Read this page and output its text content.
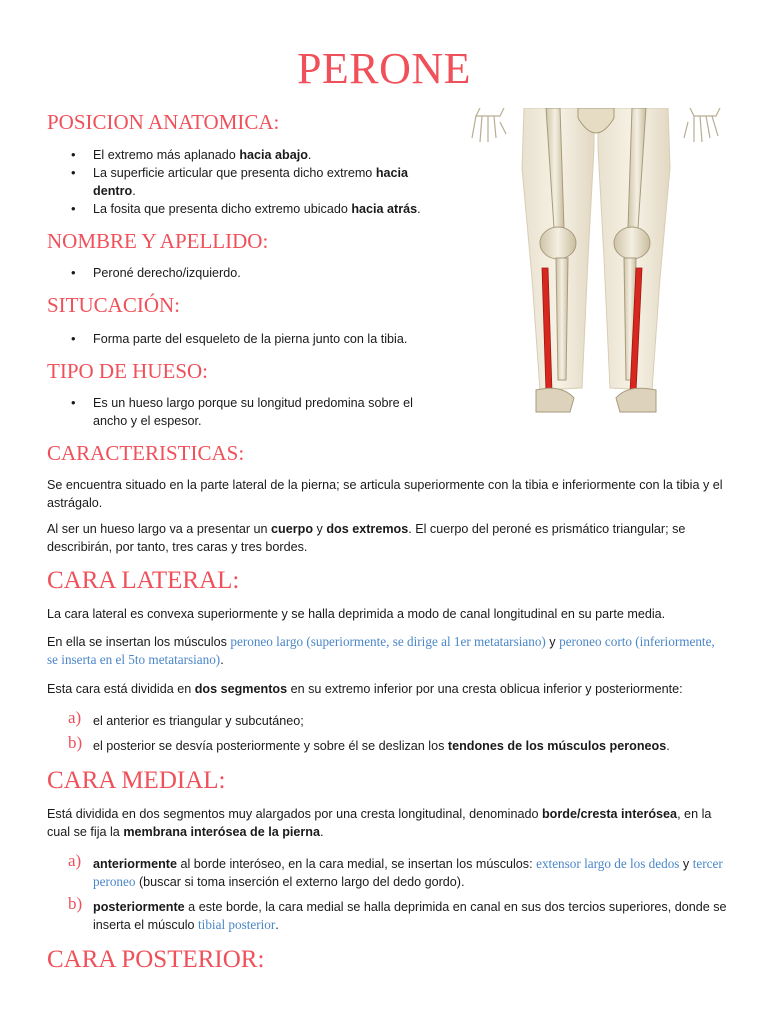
PERONE
POSICION ANATOMICA:
• El extremo más aplanado hacia abajo.
• La superficie articular que presenta dicho extremo hacia dentro.
• La fosita que presenta dicho extremo ubicado hacia atrás.
NOMBRE Y APELLIDO:
• Peroné derecho/izquierdo.
SITUCACIÓN:
• Forma parte del esqueleto de la pierna junto con la tibia.
TIPO DE HUESO:
• Es un hueso largo porque su longitud predomina sobre el ancho y el espesor.
CARACTERISTICAS:
Se encuentra situado en la parte lateral de la pierna; se articula superiormente con la tibia e inferiormente con la tibia y el astrágalo.
Al ser un hueso largo va a presentar un cuerpo y dos extremos. El cuerpo del peroné es prismático triangular; se describirán, por tanto, tres caras y tres bordes.
CARA LATERAL:
La cara lateral es convexa superiormente y se halla deprimida a modo de canal longitudinal en su parte media.
En ella se insertan los músculos peroneo largo (superiormente, se dirige al 1er metatarsiano) y peroneo corto (inferiormente, se inserta en el 5to metatarsiano).
Esta cara está dividida en dos segmentos en su extremo inferior por una cresta oblicua inferior y posteriormente:
a) el anterior es triangular y subcutáneo;
b) el posterior se desvía posteriormente y sobre él se deslizan los tendones de los músculos peroneos.
CARA MEDIAL:
Está dividida en dos segmentos muy alargados por una cresta longitudinal, denominado borde/cresta interósea, en la cual se fija la membrana interósea de la pierna.
a) anteriormente al borde interóseo, en la cara medial, se insertan los músculos: extensor largo de los dedos y tercer peroneo (buscar si toma inserción el externo largo del dedo gordo).
b) posteriormente a este borde, la cara medial se halla deprimida en canal en sus dos tercios superiores, donde se inserta el músculo tibial posterior.
CARA POSTERIOR:
